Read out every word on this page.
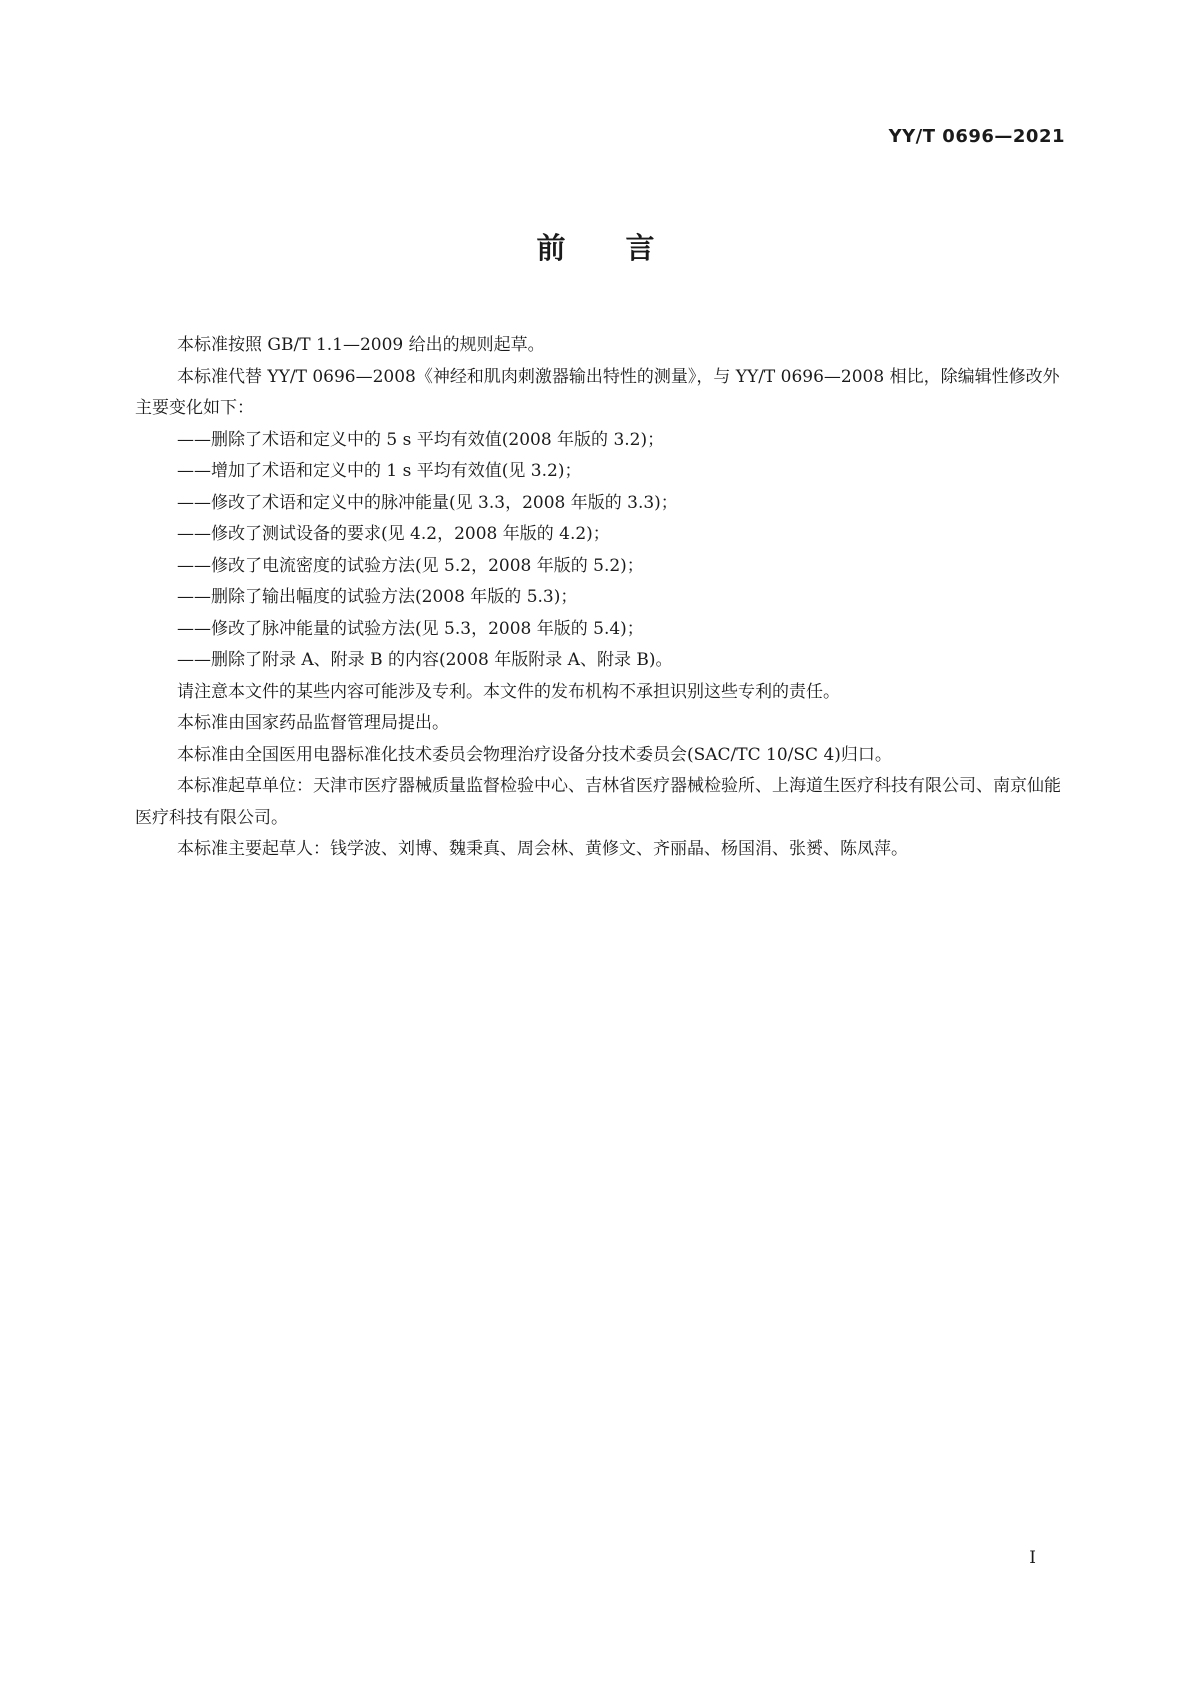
YY/T 0696—2021
前言

本标准按照 GB/T 1.1—2009 给出的规则起草。

本标准代替 YY/T 0696—2008《神经和肌肉刺激器输出特性的测量》，与 YY/T 0696—2008 相比，除编辑性修改外主要变化如下：

——删除了术语和定义中的 5 s 平均有效值(2008 年版的 3.2)；

——增加了术语和定义中的 1 s 平均有效值(见 3.2)；

——修改了术语和定义中的脉冲能量(见 3.3，2008 年版的 3.3)；

——修改了测试设备的要求(见 4.2，2008 年版的 4.2)；

——修改了电流密度的试验方法(见 5.2，2008 年版的 5.2)；

——删除了输出幅度的试验方法(2008 年版的 5.3)；

——修改了脉冲能量的试验方法(见 5.3，2008 年版的 5.4)；

——删除了附录 A、附录 B 的内容(2008 年版附录 A、附录 B)。

请注意本文件的某些内容可能涉及专利。本文件的发布机构不承担识别这些专利的责任。

本标准由国家药品监督管理局提出。

本标准由全国医用电器标准化技术委员会物理治疗设备分技术委员会(SAC/TC 10/SC 4)归口。

本标准起草单位：天津市医疗器械质量监督检验中心、吉林省医疗器械检验所、上海道生医疗科技有限公司、南京仙能医疗科技有限公司。

本标准主要起草人：钱学波、刘博、魏秉真、周会林、黄修文、齐丽晶、杨国涓、张赟、陈凤萍。

I
